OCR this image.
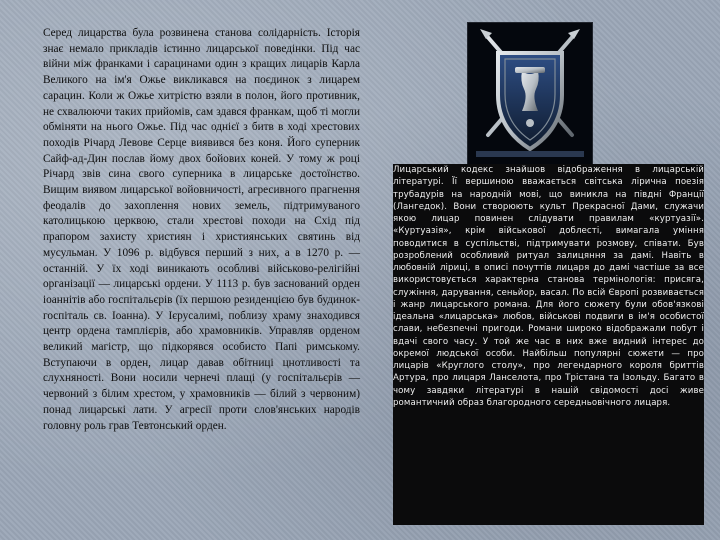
Серед лицарства була розвинена станова солідарність. Історія знає немало прикладів істинно лицарської поведінки. Під час війни між франками і сарацинами один з кращих лицарів Карла Великого на ім'я Ожье викликався на поєдинок з лицарем сарацин. Коли ж Ожье хитрістю взяли в полон, його противник, не схвалюючи таких прийомів, сам здався франкам, щоб ті могли обміняти на нього Ожье. Під час однієї з битв в ході хрестових походів Річард Левове Серце виявився без коня. Його суперник Сайф-ад-Дин послав йому двох бойових коней. У тому ж році Річард звів сина свого суперника в лицарське достоїнство. Вищим виявом лицарської войовничості, агресивного прагнення феодалів до захоплення нових земель, підтримуваного католицькою церквою, стали хрестові походи на Схід під прапором захисту християн і християнських святинь від мусульман. У 1096 р. відбувся перший з них, а в 1270 р. — останній. У їх ході виникають особливі військово-релігійні організації — лицарські ордени. У 1113 р. був заснований орден іоаннітів або госпітальєрів (їх першою резиденцією був будинок-госпіталь св. Іоанна). У Ієрусалимі, поблизу храму знаходився центр ордена тамплієрів, або храмовників. Управляв орденом великий магістр, що підкорявся особисто Папі римському. Вступаючи в орден, лицар давав обітниці цнотливості та слухняності. Вони носили чернечі плащі (у госпітальєрів — червоний з білим хрестом, у храмовників — білий з червоним) понад лицарські лати. У агресії проти слов'янських народів головну роль грав Тевтонський орден.

Лицарський кодекс знайшов відображення в лицарській літературі. Її вершиною вважається світська лірична поезія трубадурів на народній мові, що виникла на півдні Франції (Лангедок). Вони створюють культ Прекрасної Дами, служачи якою лицар повинен слідувати правилам «куртуазії». «Куртуазія», крім військової доблесті, вимагала уміння поводитися в суспільстві, підтримувати розмову, співати. Був розроблений особливий ритуал залицяння за дамі. Навіть в любовній ліриці, в описі почуттів лицаря до дамі частіше за все використовується характерна станова термінологія: присяга, служіння, дарування, сеньйор, васал. По всій Європі розвивається і жанр лицарського романа. Для його сюжету були обов'язкові ідеальна «лицарська» любов, військові подвиги в ім'я особистої слави, небезпечні пригоди. Романи широко відображали побут і вдачі свого часу. У той же час в них вже видний інтерес до окремої людської особи. Найбільш популярні сюжети — про лицарів «Круглого столу», про легендарного короля бриттів Артура, про лицаря Ланселота, про Трістана та Ізольду. Багато в чому завдяки літературі в нашій свідомості досі живе романтичний образ благородного середньовічного лицаря.
